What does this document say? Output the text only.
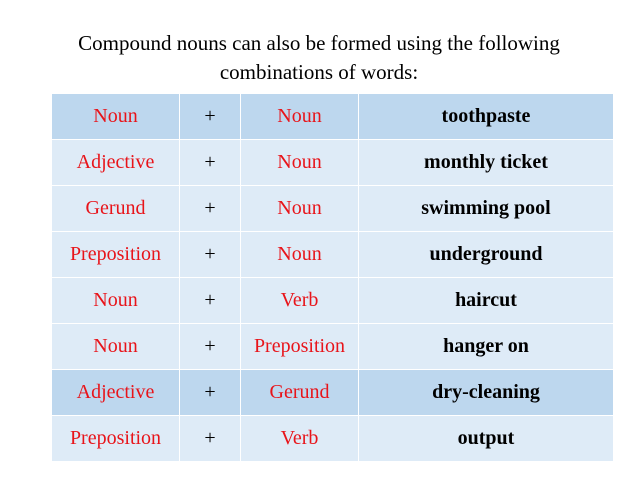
Compound nouns can also be formed using the following
combinations of words:
Noun	+	Noun	toothpaste
Adjective	+	Noun	monthly ticket
Gerund	+	Noun	swimming pool
Preposition	+	Noun	underground
Noun	+	Verb	haircut
Noun	+	Preposition	hanger on
Adjective	+	Gerund	dry-cleaning
Preposition	+	Verb	output
